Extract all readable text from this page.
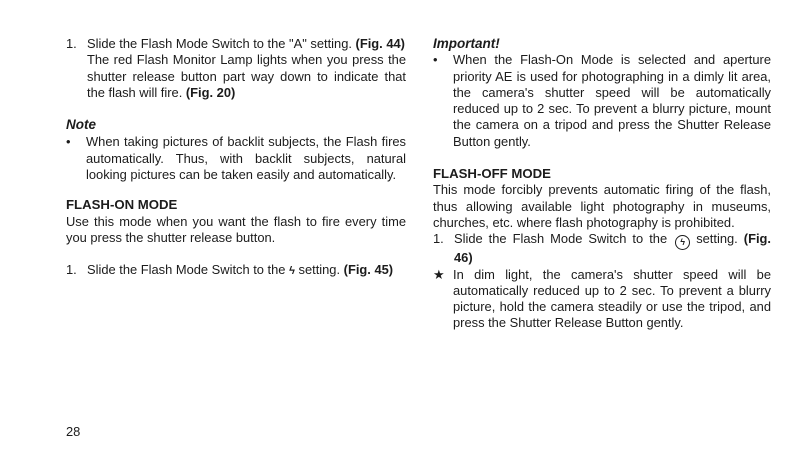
1. Slide the Flash Mode Switch to the "A" setting. (Fig. 44)

The red Flash Monitor Lamp lights when you press the shutter release button part way down to indicate that the flash will fire. (Fig. 20)

Note
•	When taking pictures of backlit subjects, the Flash fires automatically. Thus, with backlit subjects, natural looking pictures can be taken easily and automatically.
FLASH-ON MODE

Use this mode when you want the flash to fire every time you press the shutter release button.

1. Slide the Flash Mode Switch to the ϟ setting. (Fig. 45)
Important!
•	When the Flash-On Mode is selected and aperture priority AE is used for photographing in a dimly lit area, the camera's shutter speed will be automatically reduced up to 2 sec. To prevent a blurry picture, mount the camera on a tripod and press the Shutter Release Button gently.
FLASH-OFF MODE

This mode forcibly prevents automatic firing of the flash, thus allowing available light photography in museums, churches, etc. where flash photography is prohibited.

1. Slide the Flash Mode Switch to the ϟ setting. (Fig. 46)
★ In dim light, the camera's shutter speed will be automatically reduced up to 2 sec. To prevent a blurry picture, hold the camera steadily or use the tripod, and press the Shutter Release Button gently.
28
